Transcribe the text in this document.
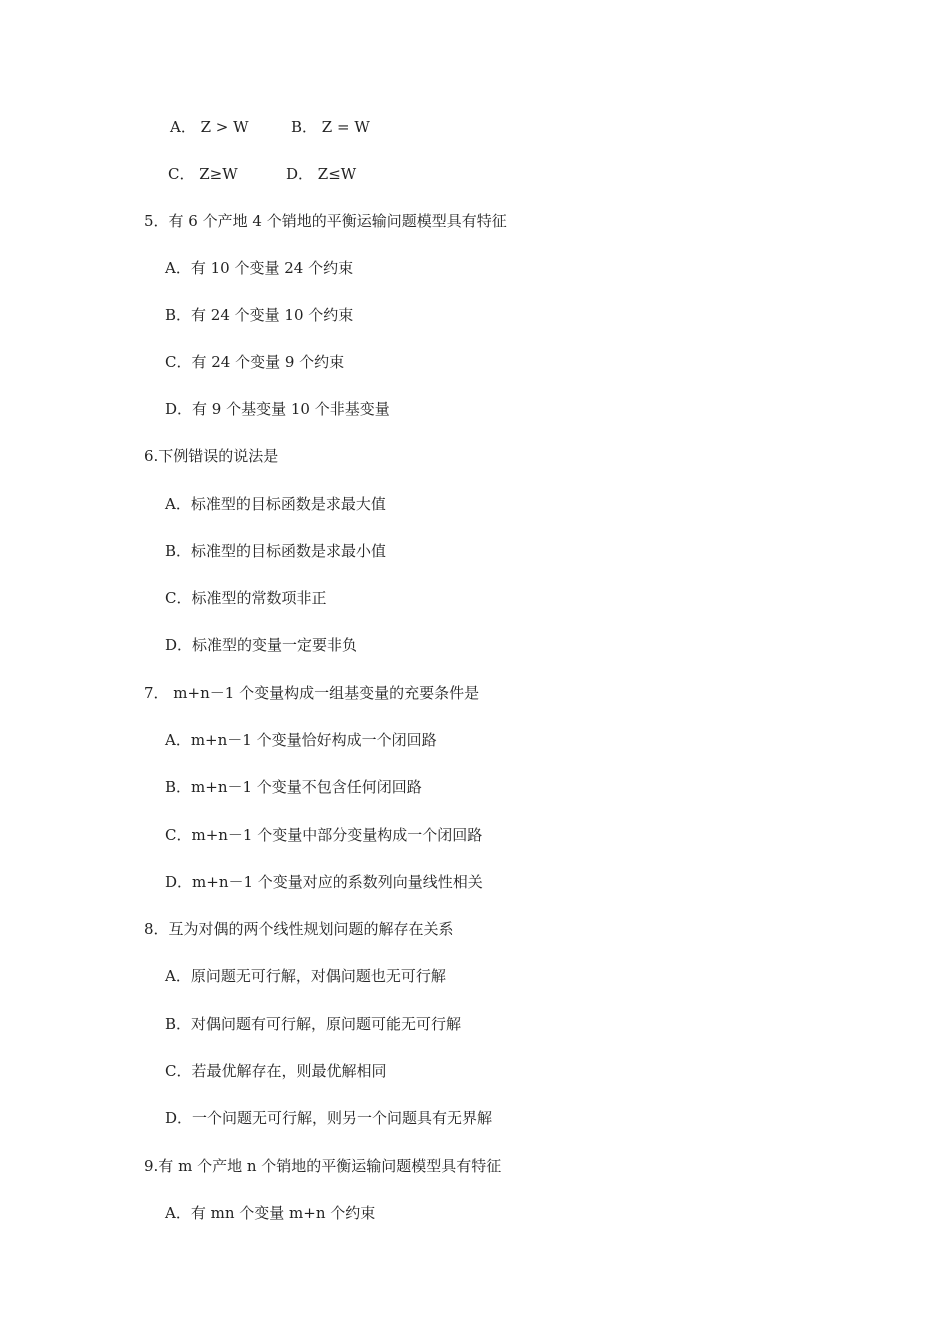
A． Z > W	B． Z = W
C． Z≥W	D． Z≤W
5．有 6 个产地 4 个销地的平衡运输问题模型具有特征
A．有 10 个变量 24 个约束
B．有 24 个变量 10 个约束
C．有 24 个变量 9 个约束
D．有 9 个基变量 10 个非基变量
6.下例错误的说法是
A．标准型的目标函数是求最大值
B．标准型的目标函数是求最小值
C．标准型的常数项非正
D．标准型的变量一定要非负
7． m+n－1 个变量构成一组基变量的充要条件是
A．m+n－1 个变量恰好构成一个闭回路
B．m+n－1 个变量不包含任何闭回路
C．m+n－1 个变量中部分变量构成一个闭回路
D．m+n－1 个变量对应的系数列向量线性相关
8．互为对偶的两个线性规划问题的解存在关系
A．原问题无可行解，对偶问题也无可行解
B．对偶问题有可行解，原问题可能无可行解
C．若最优解存在，则最优解相同
D．一个问题无可行解，则另一个问题具有无界解
9.有 m 个产地 n 个销地的平衡运输问题模型具有特征
A．有 mn 个变量 m+n 个约束
